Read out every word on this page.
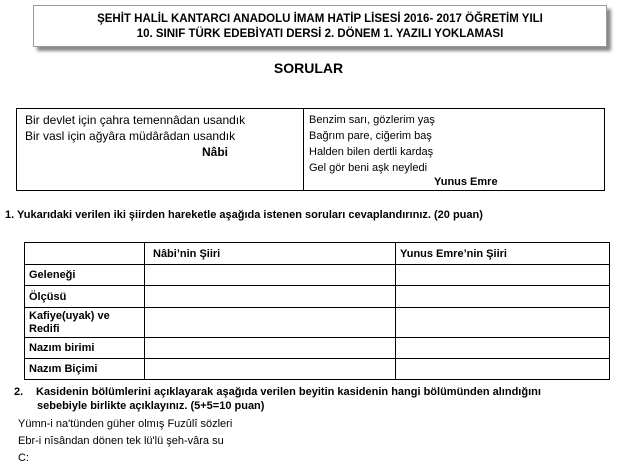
ŞEHİT HALİL KANTARCI ANADOLU İMAM HATİP LİSESİ 2016- 2017 ÖĞRETİM YILI
10. SINIF TÜRK EDEBİYATI DERSİ 2. DÖNEM 1. YAZILI YOKLAMASI
SORULAR
Bir devlet için çahra temennâdan usandık
Bir vasl için ağyâra müdârâdan usandık
Nâbi
Benzim sarı, gözlerim yaş
Bağrım pare, ciğerim baş
Halden bilen dertli kardaş
Gel gör beni aşk neyledi
Yunus Emre
1. Yukarıdaki verilen iki şiirden hareketle aşağıda istenen soruları cevaplandırınız. (20 puan)
	Nâbi’nin Şiiri	Yunus Emre’nin Şiiri
Geleneği		
Ölçüsü		
Kafiye(uyak) ve Redifi		
Nazım birimi		
Nazım Biçimi		
2. Kasidenin bölümlerini açıklayarak aşağıda verilen beyitin kasidenin hangi bölümünden alındığını
sebebiyle birlikte açıklayınız. (5+5=10 puan)
Yümn-i na'tünden güher olmış Fuzûlî sözleri
Ebr-i nîsândan dönen tek lü'lü şeh-vâra su
C:
